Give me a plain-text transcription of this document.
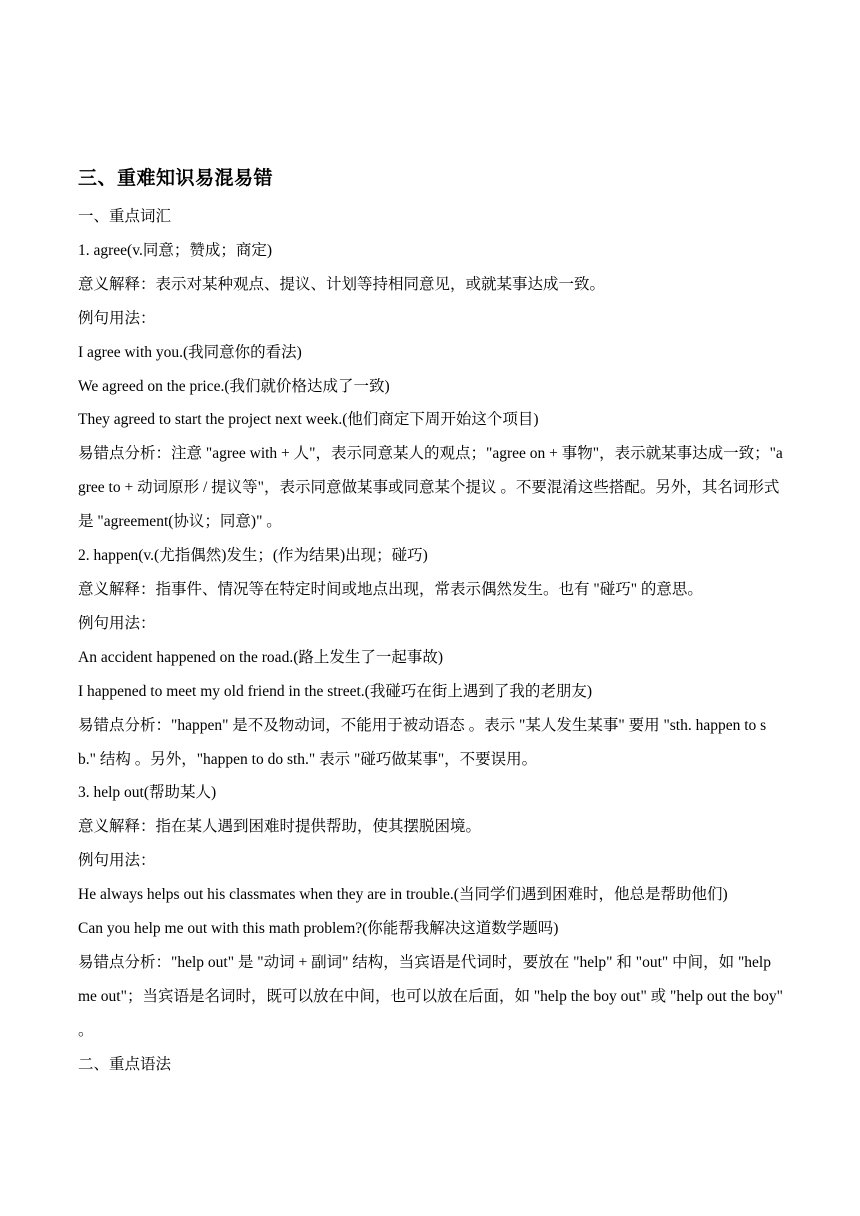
三、重难知识易混易错

一、重点词汇

1. agree(v.同意；赞成；商定)

意义解释：表示对某种观点、提议、计划等持相同意见，或就某事达成一致。

例句用法：

I agree with you.(我同意你的看法)

We agreed on the price.(我们就价格达成了一致)

They agreed to start the project next week.(他们商定下周开始这个项目)

易错点分析：注意 "agree with + 人"，表示同意某人的观点；"agree on + 事物"，表示就某事达成一致；"agree to + 动词原形 / 提议等"，表示同意做某事或同意某个提议 。不要混淆这些搭配。另外，其名词形式是 "agreement(协议；同意)" 。

2. happen(v.(尤指偶然)发生；(作为结果)出现；碰巧)

意义解释：指事件、情况等在特定时间或地点出现，常表示偶然发生。也有 "碰巧" 的意思。

例句用法：

An accident happened on the road.(路上发生了一起事故)

I happened to meet my old friend in the street.(我碰巧在街上遇到了我的老朋友)

易错点分析："happen" 是不及物动词，不能用于被动语态 。表示 "某人发生某事" 要用 "sth. happen to sb." 结构 。另外，"happen to do sth." 表示 "碰巧做某事"，不要误用。

3. help out(帮助某人)

意义解释：指在某人遇到困难时提供帮助，使其摆脱困境。

例句用法：

He always helps out his classmates when they are in trouble.(当同学们遇到困难时，他总是帮助他们)

Can you help me out with this math problem?(你能帮我解决这道数学题吗)

易错点分析："help out" 是 "动词 + 副词" 结构，当宾语是代词时，要放在 "help" 和 "out" 中间，如 "help me out"；当宾语是名词时，既可以放在中间，也可以放在后面，如 "help the boy out" 或 "help out the boy" 。

二、重点语法
